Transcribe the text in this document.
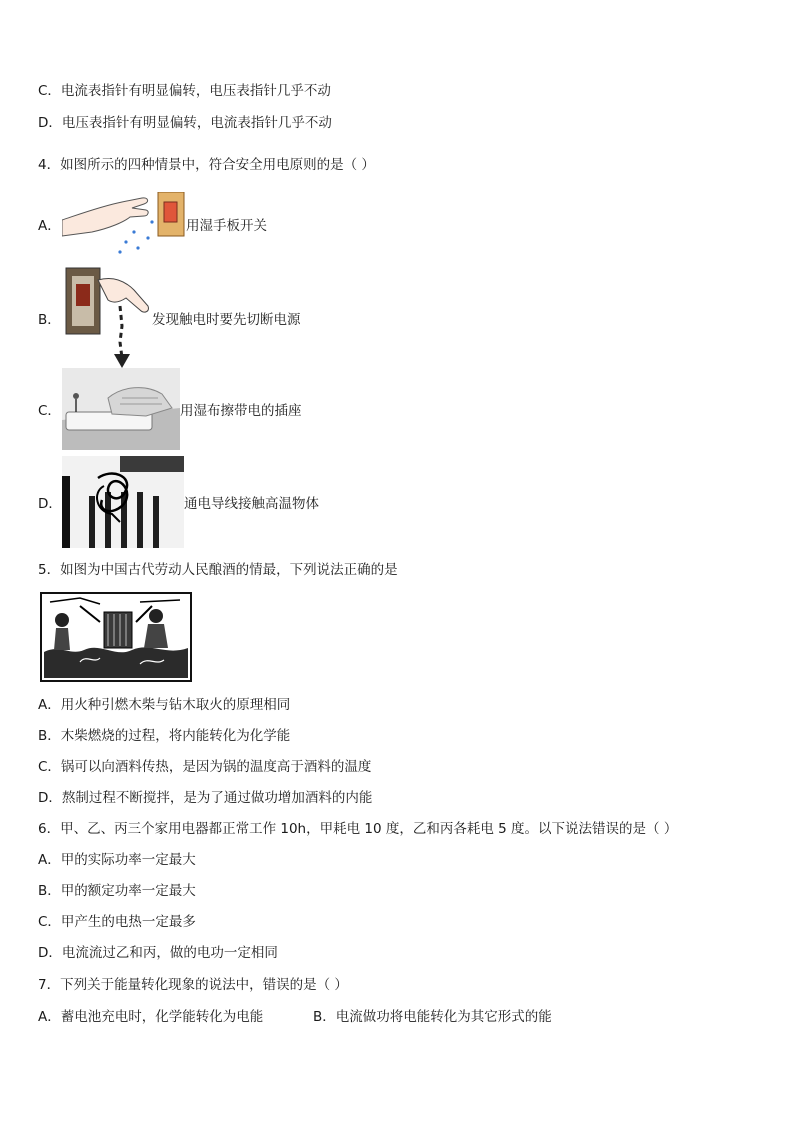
C．电流表指针有明显偏转，电压表指针几乎不动
D．电压表指针有明显偏转，电流表指针几乎不动
4．如图所示的四种情景中，符合安全用电原则的是（ ）
A．	用湿手板开关
B．	发现触电时要先切断电源
C．	用湿布擦带电的插座
D．	通电导线接触高温物体
5．如图为中国古代劳动人民酿酒的情最，下列说法正确的是
A．用火种引燃木柴与钻木取火的原理相同
B．木柴燃烧的过程，将内能转化为化学能
C．锅可以向酒料传热，是因为锅的温度高于酒料的温度
D．熬制过程不断搅拌，是为了通过做功增加酒料的内能
6．甲、乙、丙三个家用电器都正常工作 10h，甲耗电 10 度，乙和丙各耗电 5 度。以下说法错误的是（ ）
A．甲的实际功率一定最大
B．甲的额定功率一定最大
C．甲产生的电热一定最多
D．电流流过乙和丙，做的电功一定相同
7．下列关于能量转化现象的说法中，错误的是（ ）
A．蓄电池充电时，化学能转化为电能	B．电流做功将电能转化为其它形式的能
